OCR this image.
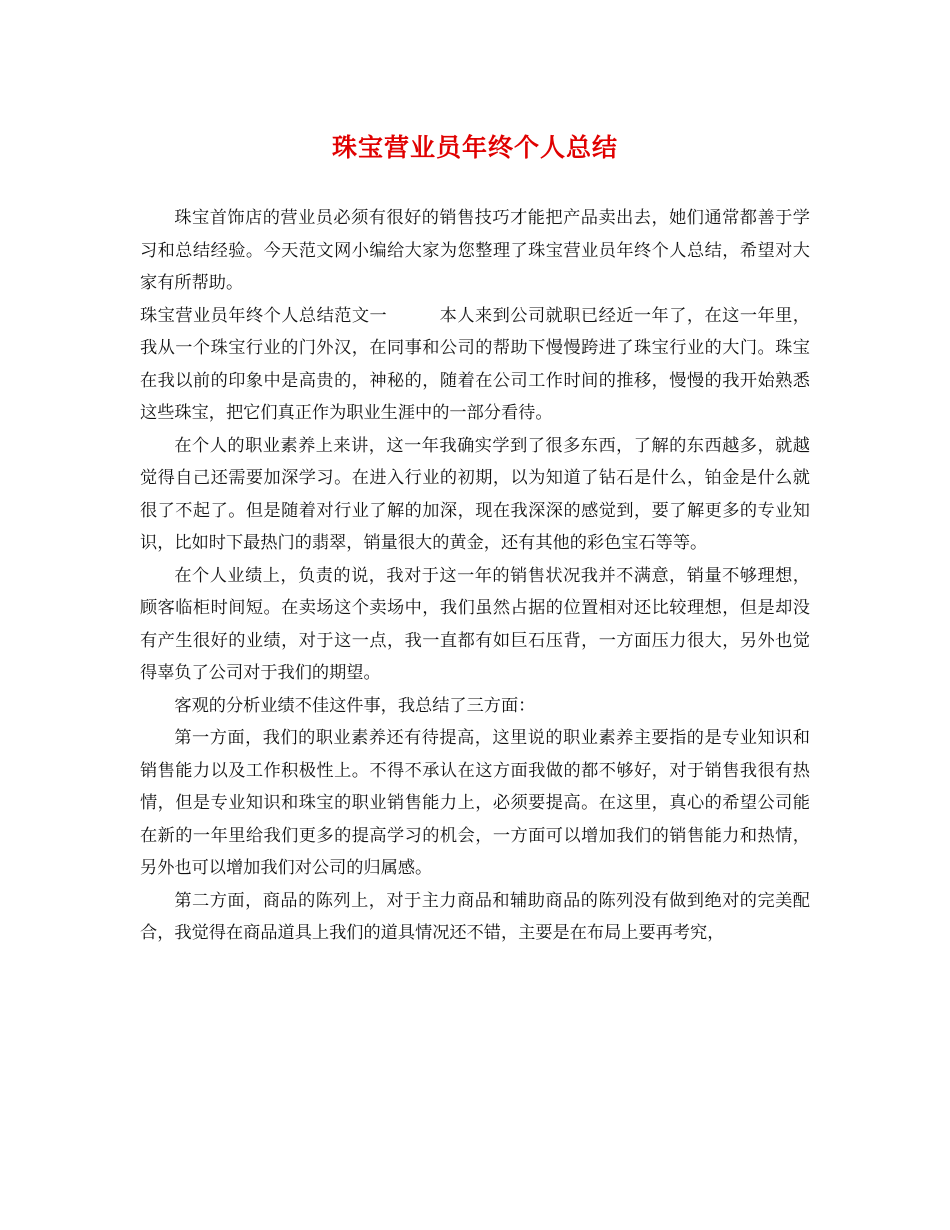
珠宝营业员年终个人总结

珠宝首饰店的营业员必须有很好的销售技巧才能把产品卖出去，她们通常都善于学习和总结经验。今天范文网小编给大家为您整理了珠宝营业员年终个人总结，希望对大家有所帮助。

珠宝营业员年终个人总结范文一	本人来到公司就职已经近一年了，在这一年里，我从一个珠宝行业的门外汉，在同事和公司的帮助下慢慢跨进了珠宝行业的大门。珠宝在我以前的印象中是高贵的，神秘的，随着在公司工作时间的推移，慢慢的我开始熟悉这些珠宝，把它们真正作为职业生涯中的一部分看待。

在个人的职业素养上来讲，这一年我确实学到了很多东西，了解的东西越多，就越觉得自己还需要加深学习。在进入行业的初期，以为知道了钻石是什么，铂金是什么就很了不起了。但是随着对行业了解的加深，现在我深深的感觉到，要了解更多的专业知识，比如时下最热门的翡翠，销量很大的黄金，还有其他的彩色宝石等等。

在个人业绩上，负责的说，我对于这一年的销售状况我并不满意，销量不够理想，顾客临柜时间短。在卖场这个卖场中，我们虽然占据的位置相对还比较理想，但是却没有产生很好的业绩，对于这一点，我一直都有如巨石压背，一方面压力很大，另外也觉得辜负了公司对于我们的期望。

客观的分析业绩不佳这件事，我总结了三方面：

第一方面，我们的职业素养还有待提高，这里说的职业素养主要指的是专业知识和销售能力以及工作积极性上。不得不承认在这方面我做的都不够好，对于销售我很有热情，但是专业知识和珠宝的职业销售能力上，必须要提高。在这里，真心的希望公司能在新的一年里给我们更多的提高学习的机会，一方面可以增加我们的销售能力和热情，另外也可以增加我们对公司的归属感。

第二方面，商品的陈列上，对于主力商品和辅助商品的陈列没有做到绝对的完美配合，我觉得在商品道具上我们的道具情况还不错，主要是在布局上要再考究，
